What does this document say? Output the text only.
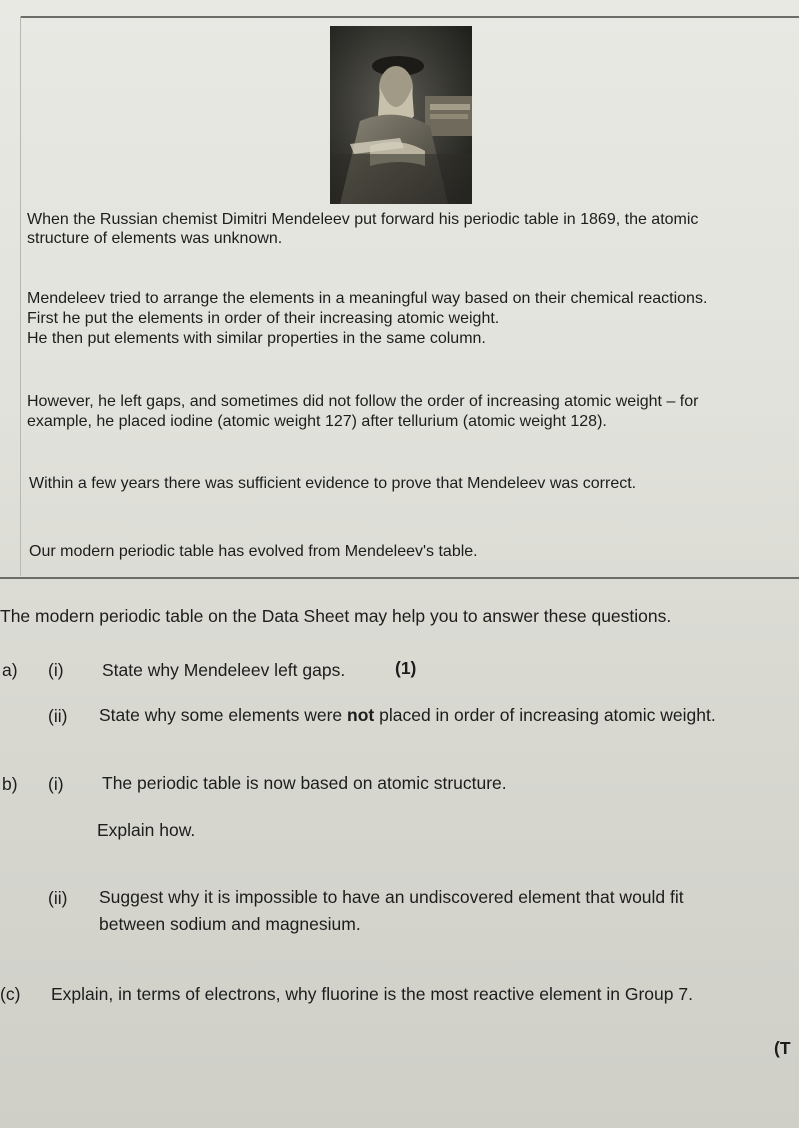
When the Russian chemist Dimitri Mendeleev put forward his periodic table in 1869, the atomic
structure of elements was unknown.
Mendeleev tried to arrange the elements in a meaningful way based on their chemical reactions.
First he put the elements in order of their increasing atomic weight.
He then put elements with similar properties in the same column.
However, he left gaps, and sometimes did not follow the order of increasing atomic weight – for
example, he placed iodine (atomic weight 127) after tellurium (atomic weight 128).
Within a few years there was sufficient evidence to prove that Mendeleev was correct.
Our modern periodic table has evolved from Mendeleev's table.
The modern periodic table on the Data Sheet may help you to answer these questions.
a) (i) State why Mendeleev left gaps.	(1)
(ii) State why some elements were not placed in order of increasing atomic weight.
b) (i) The periodic table is now based on atomic structure.
Explain how.
(ii) Suggest why it is impossible to have an undiscovered element that would fit
between sodium and magnesium.
(c) Explain, in terms of electrons, why fluorine is the most reactive element in Group 7.
(T
